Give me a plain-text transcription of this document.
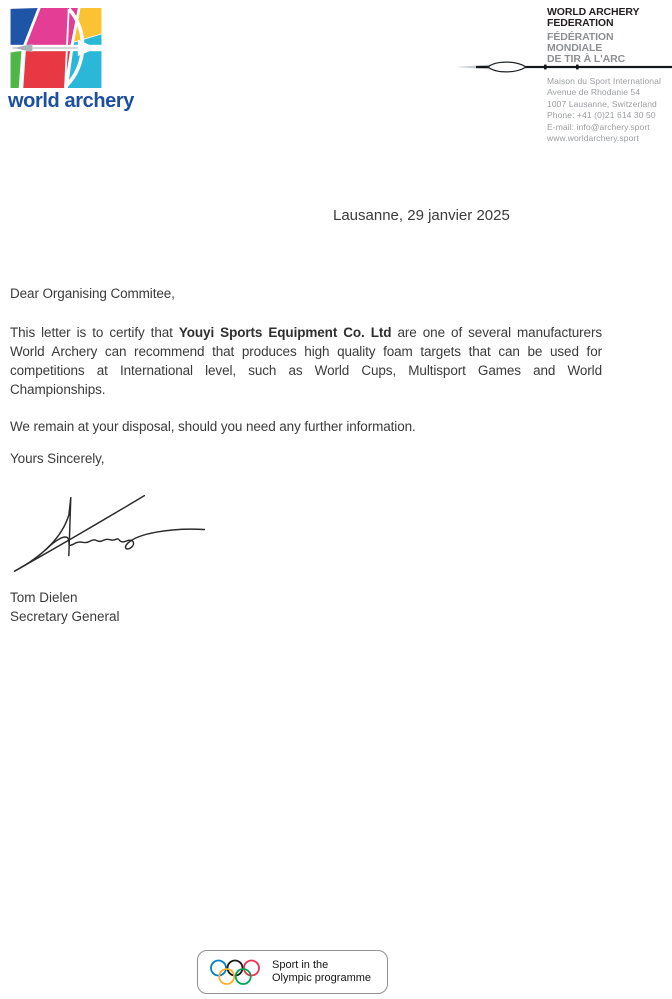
world archery
WORLD ARCHERY
FEDERATION
FÉDÉRATION
MONDIALE
DE TIR À L'ARC
Maison du Sport International
Avenue de Rhodanie 54
1007 Lausanne, Switzerland
Phone: +41 (0)21 614 30 50
E-mail: info@archery.sport
www.worldarchery.sport
Lausanne, 29 janvier 2025

Dear Organising Commitee,

This letter is to certify that Youyi Sports Equipment Co. Ltd are one of several manufacturers World Archery can recommend that produces high quality foam targets that can be used for competitions at International level, such as World Cups, Multisport Games and World Championships.

We remain at your disposal, should you need any further information.

Yours Sincerely,

Tom Dielen
Secretary General
Sport in the
Olympic programme
